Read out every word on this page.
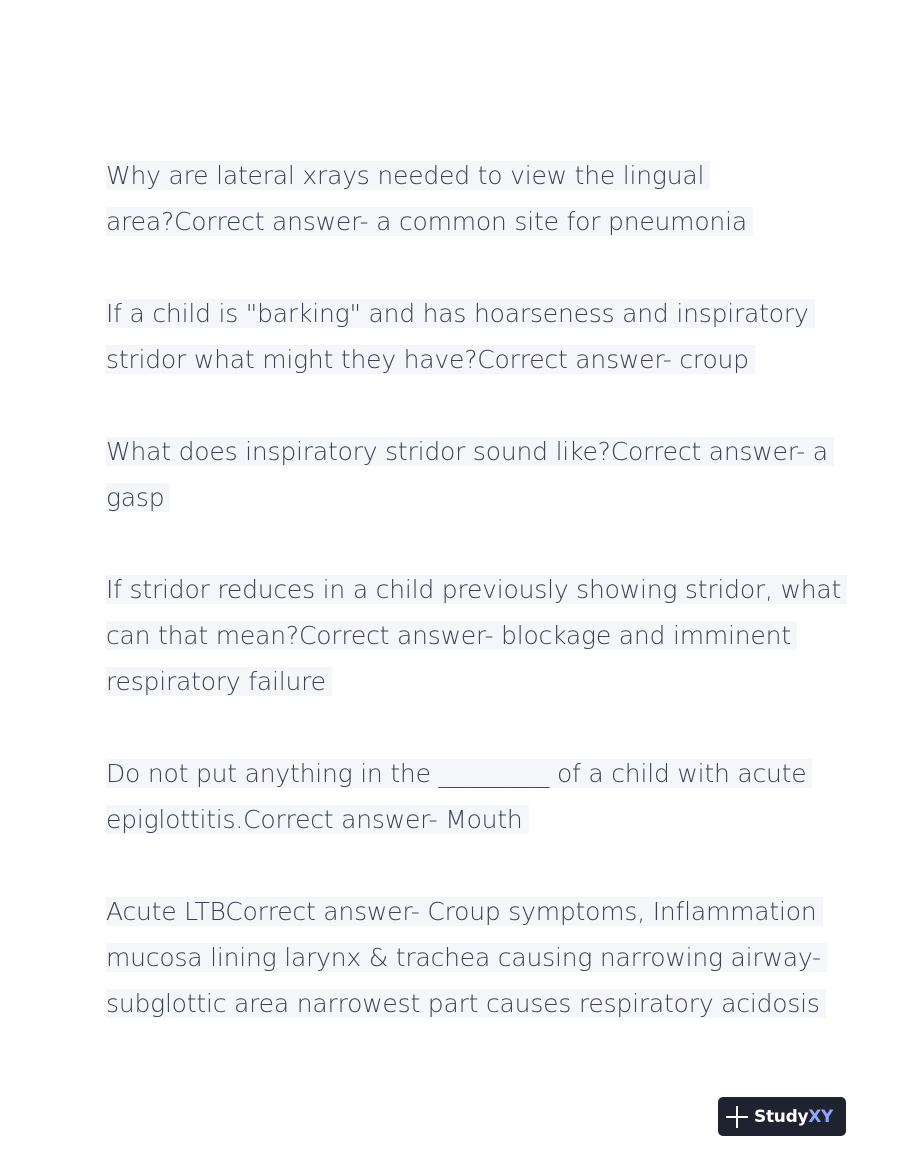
Why are lateral xrays needed to view the lingual
area?Correct answer- a common site for pneumonia
If a child is "barking" and has hoarseness and inspiratory
stridor what might they have?Correct answer- croup
What does inspiratory stridor sound like?Correct answer- a
gasp
If stridor reduces in a child previously showing stridor, what
can that mean?Correct answer- blockage and imminent
respiratory failure
Do not put anything in the _________ of a child with acute
epiglottitis.Correct answer- Mouth
Acute LTBCorrect answer- Croup symptoms, Inflammation
mucosa lining larynx & trachea causing narrowing airway-
subglottic area narrowest part causes respiratory acidosis
StudyXY
